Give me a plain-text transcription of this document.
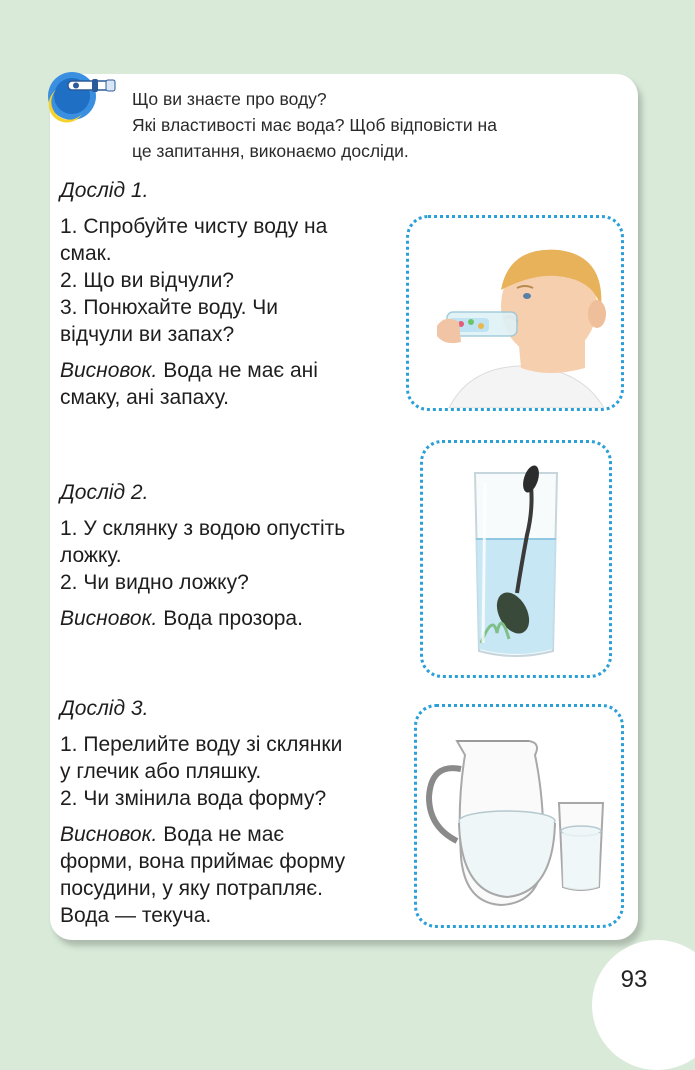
93
Що ви знаєте про воду?
Які властивості має вода? Щоб відповісти на
це запитання, виконаємо досліди.
Дослід 1.
1. Спробуйте чисту воду на
смак.
2. Що ви відчули?
3. Понюхайте воду. Чи
відчули ви запах?
Висновок. Вода не має ані
смаку, ані запаху.
Дослід 2.
1. У склянку з водою опустіть
ложку.
2. Чи видно ложку?
Висновок. Вода прозора.
Дослід 3.
1. Перелийте воду зі склянки
у глечик або пляшку.
2. Чи змінила вода форму?
Висновок. Вода не має
форми, вона приймає форму
посудини, у яку потрапляє.
Вода — текуча.
